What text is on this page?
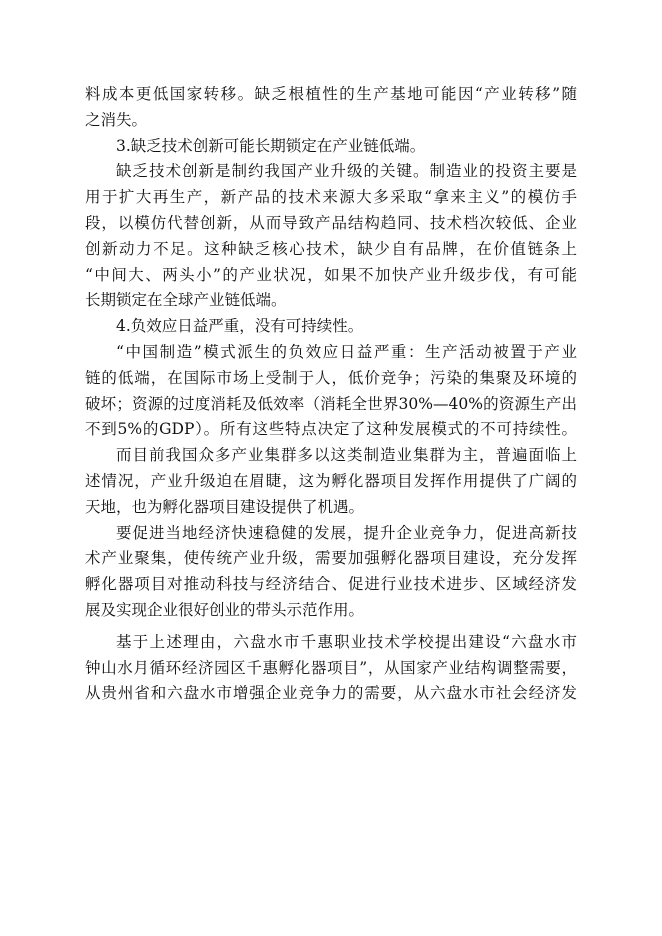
料成本更低国家转移。缺乏根植性的生产基地可能因“产业转移”随
之消失。
3.缺乏技术创新可能长期锁定在产业链低端。
缺乏技术创新是制约我国产业升级的关键。制造业的投资主要是
用于扩大再生产，新产品的技术来源大多采取“拿来主义”的模仿手
段，以模仿代替创新，从而导致产品结构趋同、技术档次较低、企业
创新动力不足。这种缺乏核心技术，缺少自有品牌，在价值链条上
“中间大、两头小”的产业状况，如果不加快产业升级步伐，有可能
长期锁定在全球产业链低端。
4.负效应日益严重，没有可持续性。
“中国制造”模式派生的负效应日益严重：生产活动被置于产业
链的低端，在国际市场上受制于人，低价竞争；污染的集聚及环境的
破坏；资源的过度消耗及低效率（消耗全世界30%—40%的资源生产出
不到5%的GDP）。所有这些特点决定了这种发展模式的不可持续性。
而目前我国众多产业集群多以这类制造业集群为主，普遍面临上
述情况，产业升级迫在眉睫，这为孵化器项目发挥作用提供了广阔的
天地，也为孵化器项目建设提供了机遇。
要促进当地经济快速稳健的发展，提升企业竞争力，促进高新技
术产业聚集，使传统产业升级，需要加强孵化器项目建设，充分发挥
孵化器项目对推动科技与经济结合、促进行业技术进步、区域经济发
展及实现企业很好创业的带头示范作用。
基于上述理由，六盘水市千惠职业技术学校提出建设“六盘水市
钟山水月循环经济园区千惠孵化器项目”，从国家产业结构调整需要，
从贵州省和六盘水市增强企业竞争力的需要，从六盘水市社会经济发
